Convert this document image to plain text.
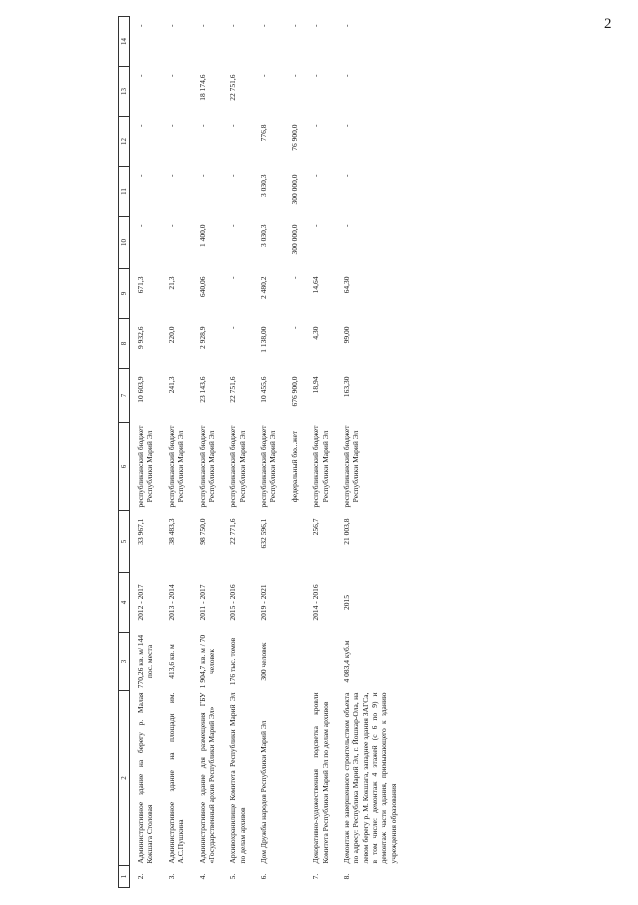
2
1	2	3	4	5	6	7	8	9	10	11	12	13	14
2.	Административное здание на берегу р. Малая Кокшага Столовая	770,26 кв. м/ 144 пос. места	2012 - 2017	33 967,1	республиканский бюджет Республики Марий Эл	10 603,9	9 932,6	671,3	-	-	-	-	-
3.	Административное здание на площади им. А.С.Пушкина	413,6 кв. м	2013 - 2014	38 483,3	республиканский бюджет Республики Марий Эл	241,3	220,0	21,3	-	-	-	-	-
4.	Административное здание для размещения ГБУ «Государственный архив Республики Марий Эл»	1 904,7 кв. м / 70 человек	2011 - 2017	98 750,0	республиканский бюджет Республики Марий Эл	23 143,6	2 928,9	640,06	1 400,0	-	-	18 174,6	-
5.	Архивохранилище Комитета Республики Марий Эл по делам архивов	176 тыс. томов	2015 - 2016	22 771,6	республиканский бюджет Республики Марий Эл	22 751,6	-	-	-	-	-	22 751,6	-
6.	Дом Дружбы народов Республики Марий Эл	300 человек	2019 - 2021	632 596,1	республиканский бюджет Республики Марий Эл	10 455,6	1 138,00	2 480,2	3 030,3	3 030,3	776,8	-	-
					федеральный бю...жет	676 900,0	-	-	300 000,0	300 000,0	76 900,0	-	-
7.	Декоративно-художественная подсветка кровли Комитета Республики Марий Эл по делам архивов		2014 - 2016	256,7	республиканский бюджет Республики Марий Эл	18,94	4,30	14,64	-	-	-	-	-
8.	Демонтаж не завершенного строительством объекта по адресу: Республика Марий Эл, г. Йошкар-Ола, на левом берегу р. М. Кокшага, западнее здания ЗАГСа, в том числе: демонтаж 4 этажей (с 6 по 9) и демонтаж части здания, примыкающего к зданию учреждения образования	4 083,4 куб.м	2015	21 003,8	республиканский бюджет Республики Марий Эл	163,30	99,00	64,30	-	-	-	-	-
